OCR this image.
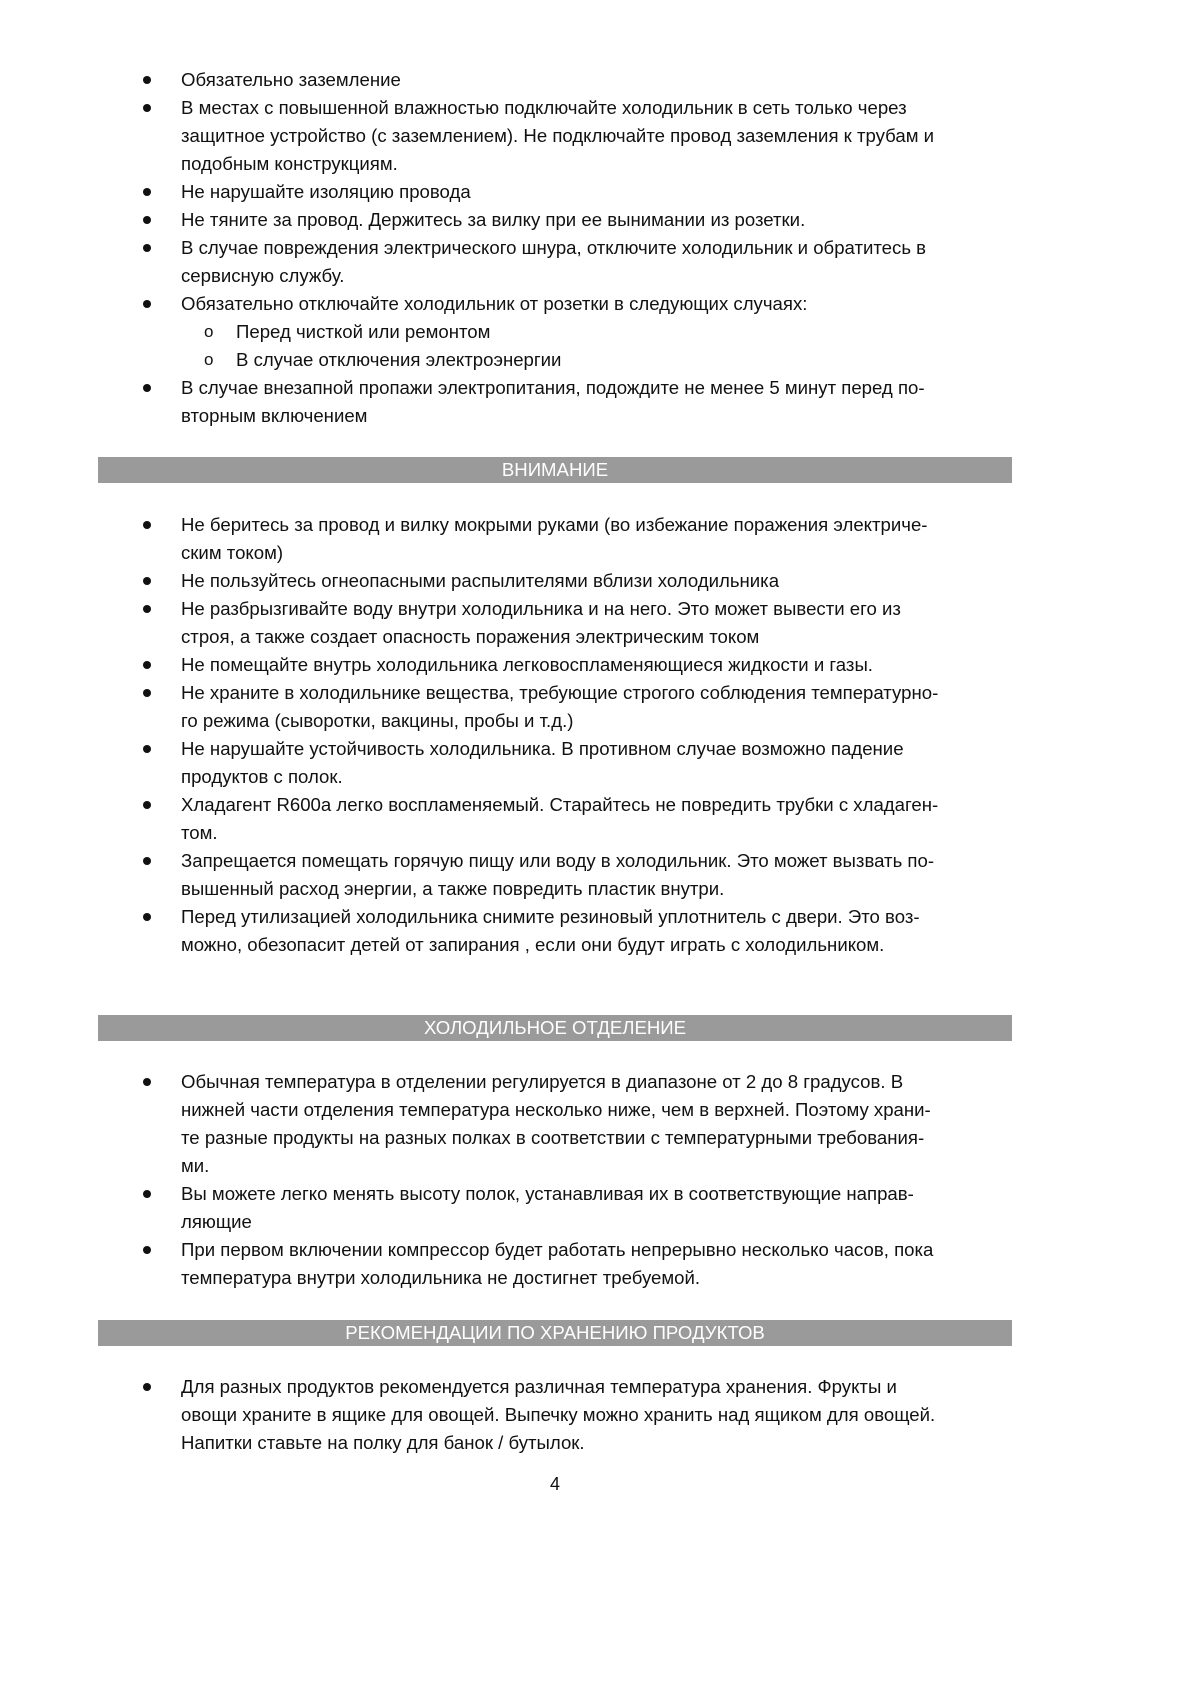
Обязательно заземление
В местах с повышенной влажностью подключайте холодильник в сеть только через
защитное устройство (с заземлением). Не подключайте провод заземления к трубам и
подобным конструкциям.
Не нарушайте изоляцию провода
Не тяните за провод. Держитесь за вилку при ее вынимании из розетки.
В случае повреждения электрического шнура, отключите холодильник и обратитесь в
сервисную службу.
Обязательно отключайте холодильник от розетки в следующих случаях:
o Перед чисткой или ремонтом
o В случае отключения электроэнергии
В случае внезапной пропажи электропитания, подождите не менее 5 минут перед по-
вторным включением
ВНИМАНИЕ
Не беритесь за провод и вилку мокрыми руками (во избежание поражения электриче-
ским током)
Не пользуйтесь огнеопасными распылителями вблизи холодильника
Не разбрызгивайте воду внутри холодильника и на него. Это может вывести его из
строя, а также создает опасность поражения электрическим током
Не помещайте внутрь холодильника легковоспламеняющиеся жидкости и газы.
Не храните в холодильнике вещества, требующие строгого соблюдения температурно-
го режима (сыворотки, вакцины, пробы и т.д.)
Не нарушайте устойчивость холодильника. В противном случае возможно падение
продуктов с полок.
Хладагент R600a легко воспламеняемый. Старайтесь не повредить трубки с хладаген-
том.
Запрещается помещать горячую пищу или воду в холодильник. Это может вызвать по-
вышенный расход энергии, а также повредить пластик внутри.
Перед утилизацией холодильника снимите резиновый уплотнитель с двери. Это воз-
можно, обезопасит детей от запирания , если они будут играть с холодильником.
ХОЛОДИЛЬНОЕ ОТДЕЛЕНИЕ
Обычная температура в отделении регулируется в диапазоне от 2 до 8 градусов. В
нижней части отделения температура несколько ниже, чем в верхней. Поэтому храни-
те разные продукты на разных полках в соответствии с температурными требования-
ми.
Вы можете легко менять высоту полок, устанавливая их в соответствующие направ-
ляющие
При первом включении компрессор будет работать непрерывно несколько часов, пока
температура внутри холодильника не достигнет требуемой.
РЕКОМЕНДАЦИИ ПО ХРАНЕНИЮ ПРОДУКТОВ
Для разных продуктов рекомендуется различная температура хранения. Фрукты и
овощи храните в ящике для овощей. Выпечку можно хранить над ящиком для овощей.
Напитки ставьте на полку для банок / бутылок.
4
